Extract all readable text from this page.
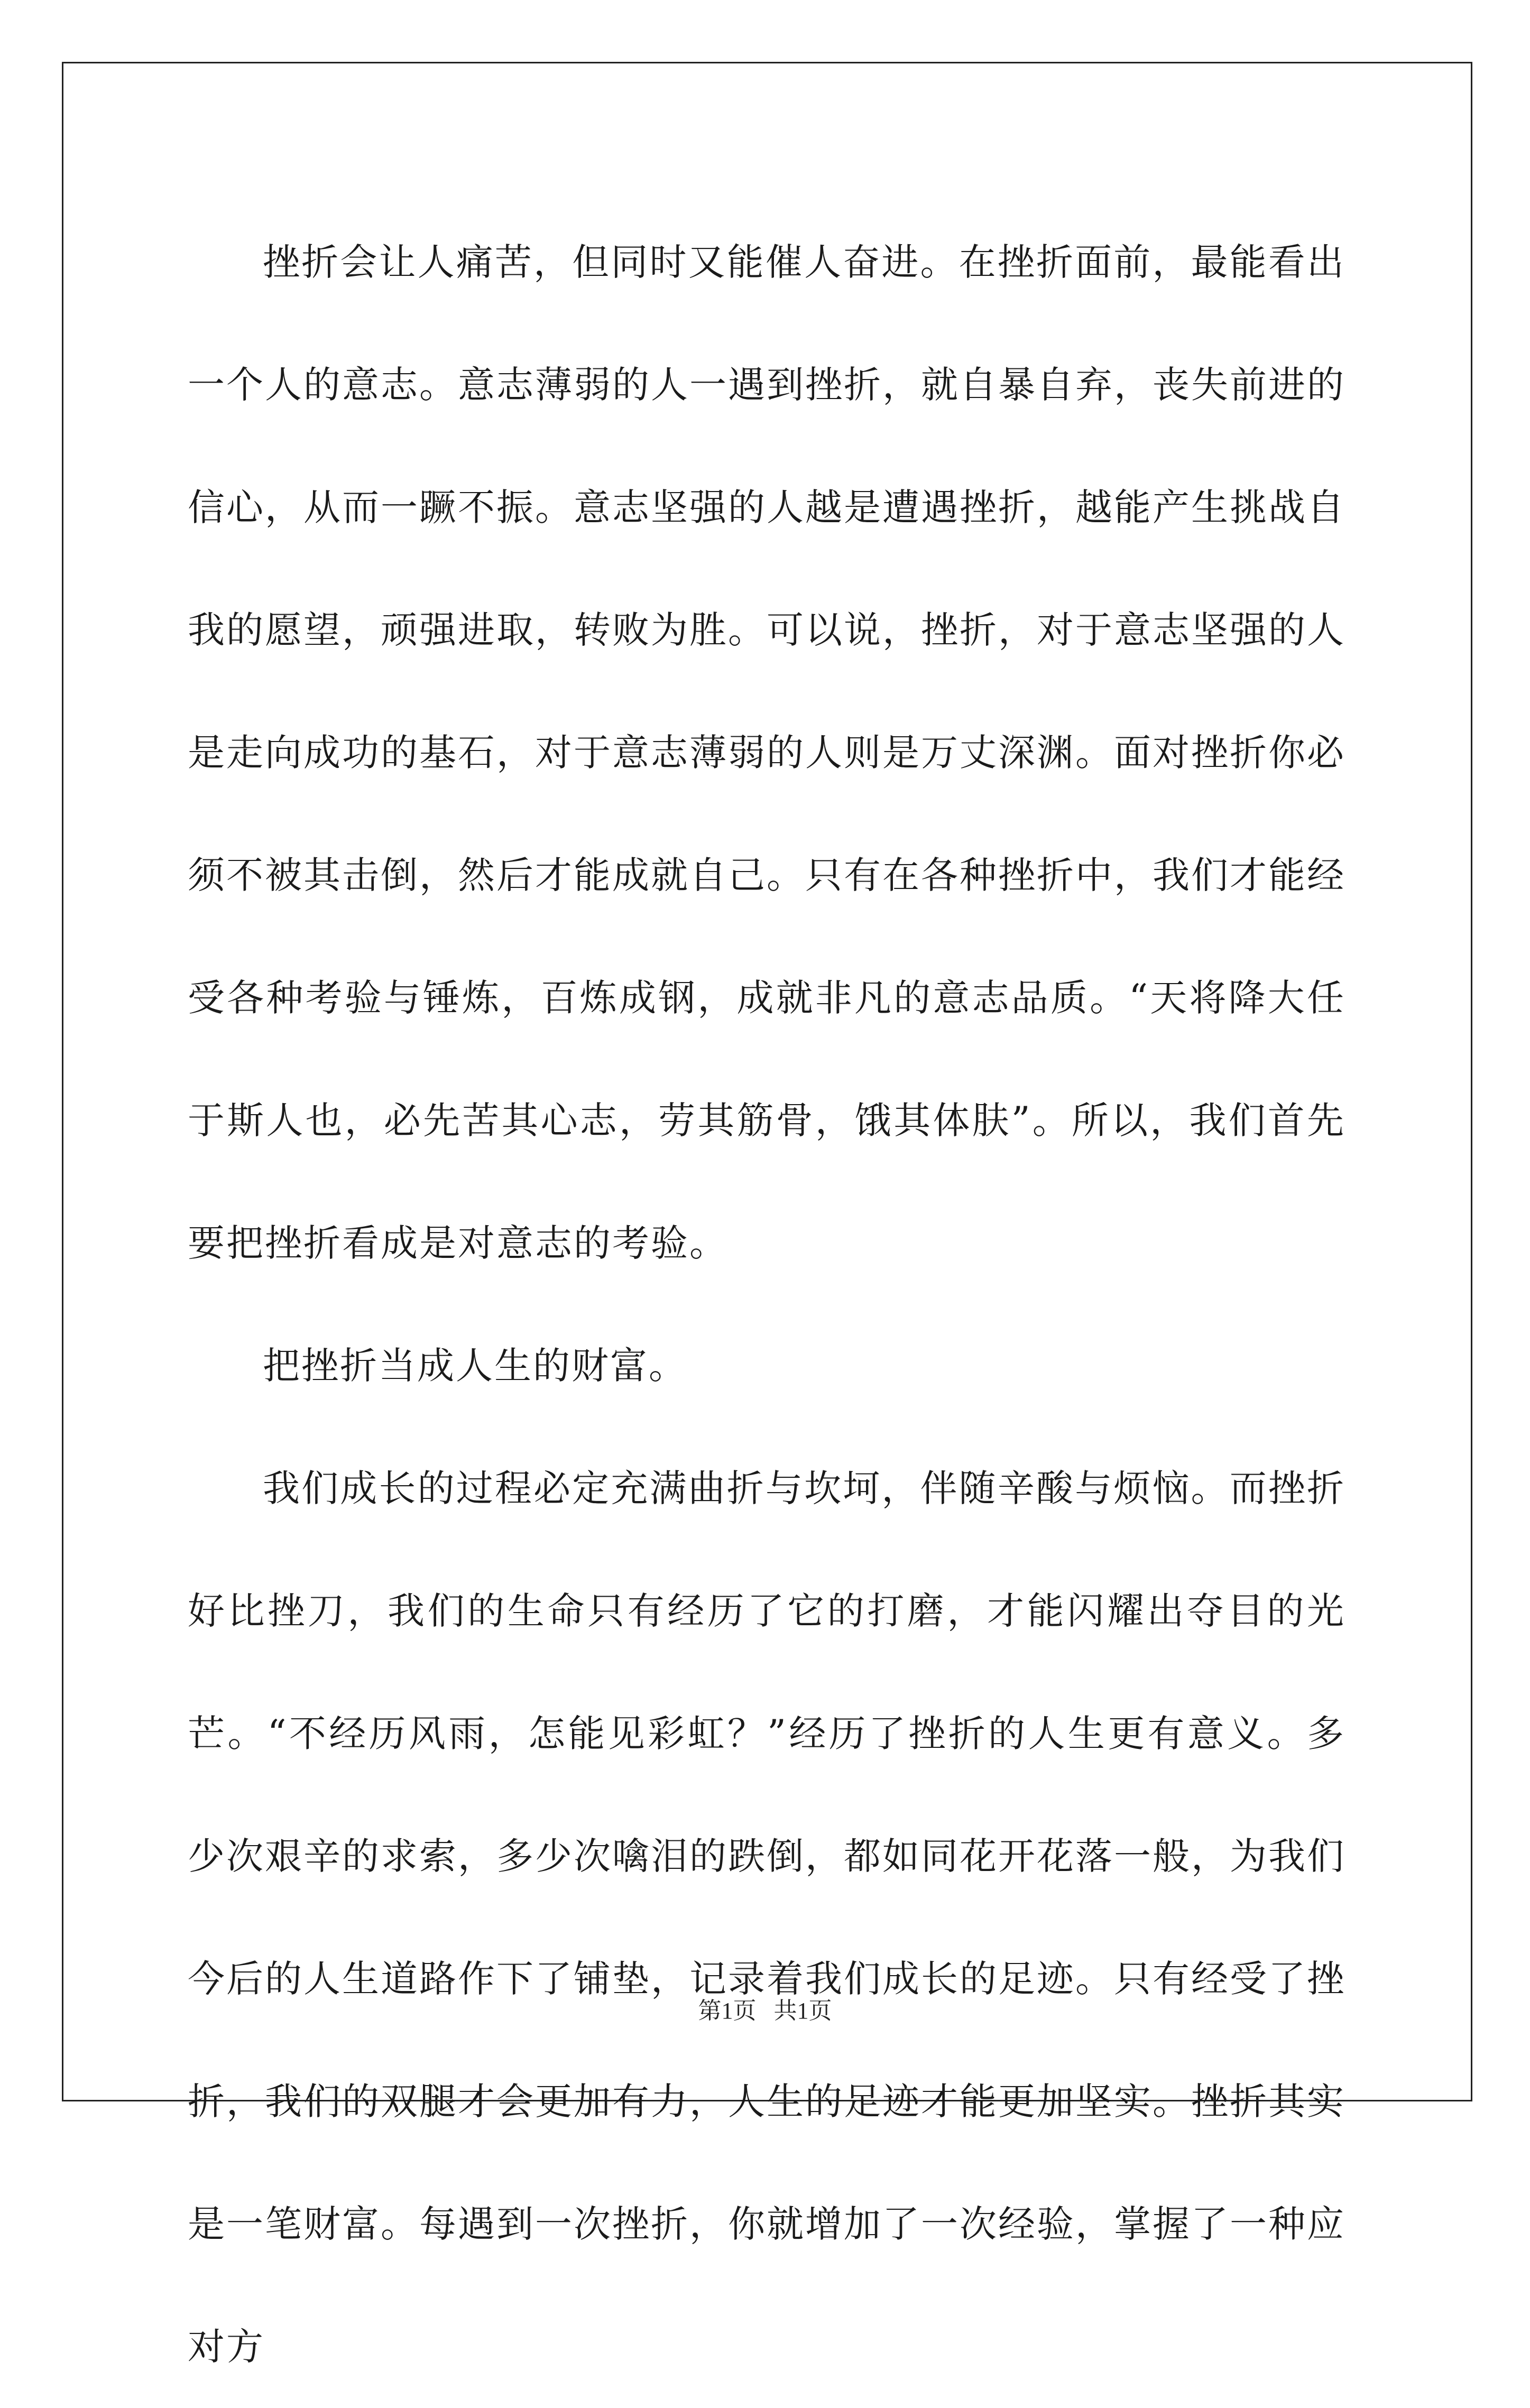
挫折会让人痛苦，但同时又能催人奋进。在挫折面前，最能看出一个人的意志。意志薄弱的人一遇到挫折，就自暴自弃，丧失前进的信心，从而一蹶不振。意志坚强的人越是遭遇挫折，越能产生挑战自我的愿望，顽强进取，转败为胜。可以说，挫折，对于意志坚强的人是走向成功的基石，对于意志薄弱的人则是万丈深渊。面对挫折你必须不被其击倒，然后才能成就自己。只有在各种挫折中，我们才能经受各种考验与锤炼，百炼成钢，成就非凡的意志品质。“天将降大任于斯人也，必先苦其心志，劳其筋骨，饿其体肤”。所以，我们首先要把挫折看成是对意志的考验。

把挫折当成人生的财富。

我们成长的过程必定充满曲折与坎坷，伴随辛酸与烦恼。而挫折好比挫刀，我们的生命只有经历了它的打磨，才能闪耀出夺目的光芒。“不经历风雨，怎能见彩虹？”经历了挫折的人生更有意义。多少次艰辛的求索，多少次噙泪的跌倒，都如同花开花落一般，为我们今后的人生道路作下了铺垫，记录着我们成长的足迹。只有经受了挫折，我们的双腿才会更加有力，人生的足迹才能更加坚实。挫折其实是一笔财富。每遇到一次挫折，你就增加了一次经验，掌握了一种应对方

第1页 共1页
